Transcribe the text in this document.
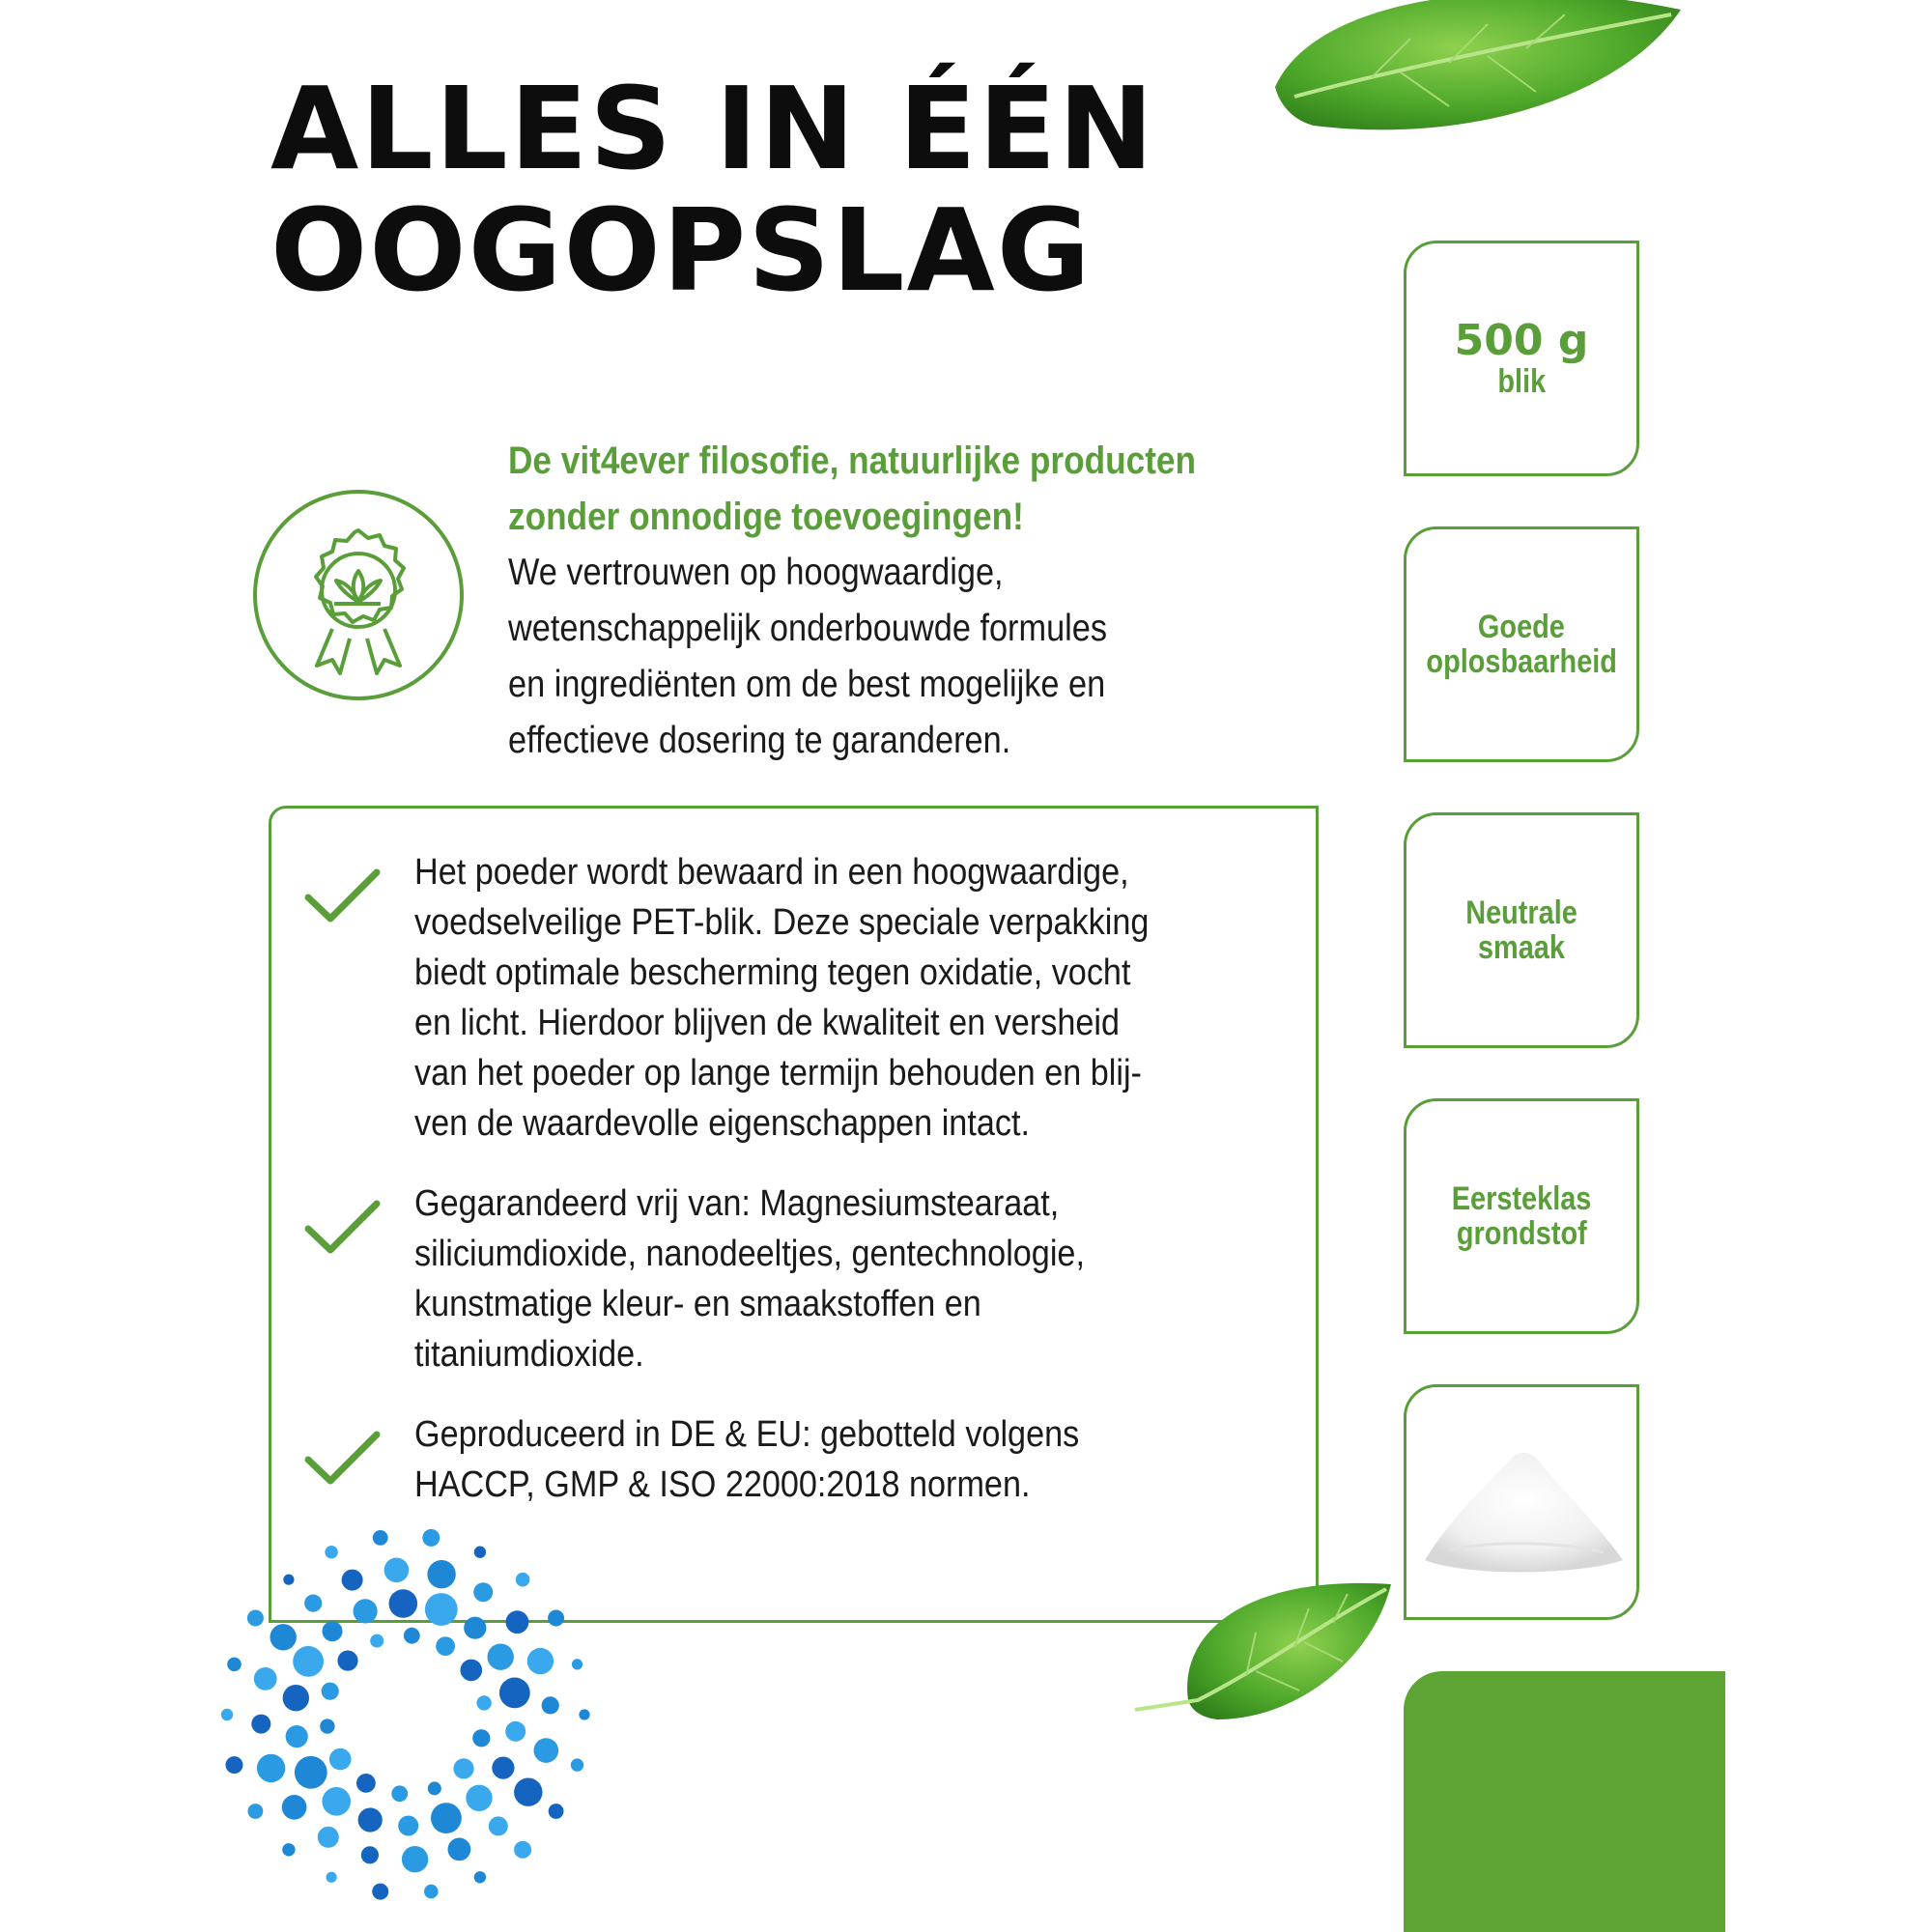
ALLES IN ÉÉN
OOGOPSLAG
De vit4ever filosofie, natuurlijke producten
zonder onnodige toevoegingen!
We vertrouwen op hoogwaardige,
wetenschappelijk onderbouwde formules
en ingrediënten om de best mogelijke en
effectieve dosering te garanderen.
Het poeder wordt bewaard in een hoogwaardige,
voedselveilige PET-blik. Deze speciale verpakking
biedt optimale bescherming tegen oxidatie, vocht
en licht. Hierdoor blijven de kwaliteit en versheid
van het poeder op lange termijn behouden en blij-
ven de waardevolle eigenschappen intact.
Gegarandeerd vrij van: Magnesiumstearaat,
siliciumdioxide, nanodeeltjes, gentechnologie,
kunstmatige kleur- en smaakstoffen en
titaniumdioxide.
Geproduceerd in DE & EU: gebotteld volgens
HACCP, GMP & ISO 22000:2018 normen.
500 g
blik
Goede
oplosbaarheid
Neutrale
smaak
Eersteklas
grondstof
